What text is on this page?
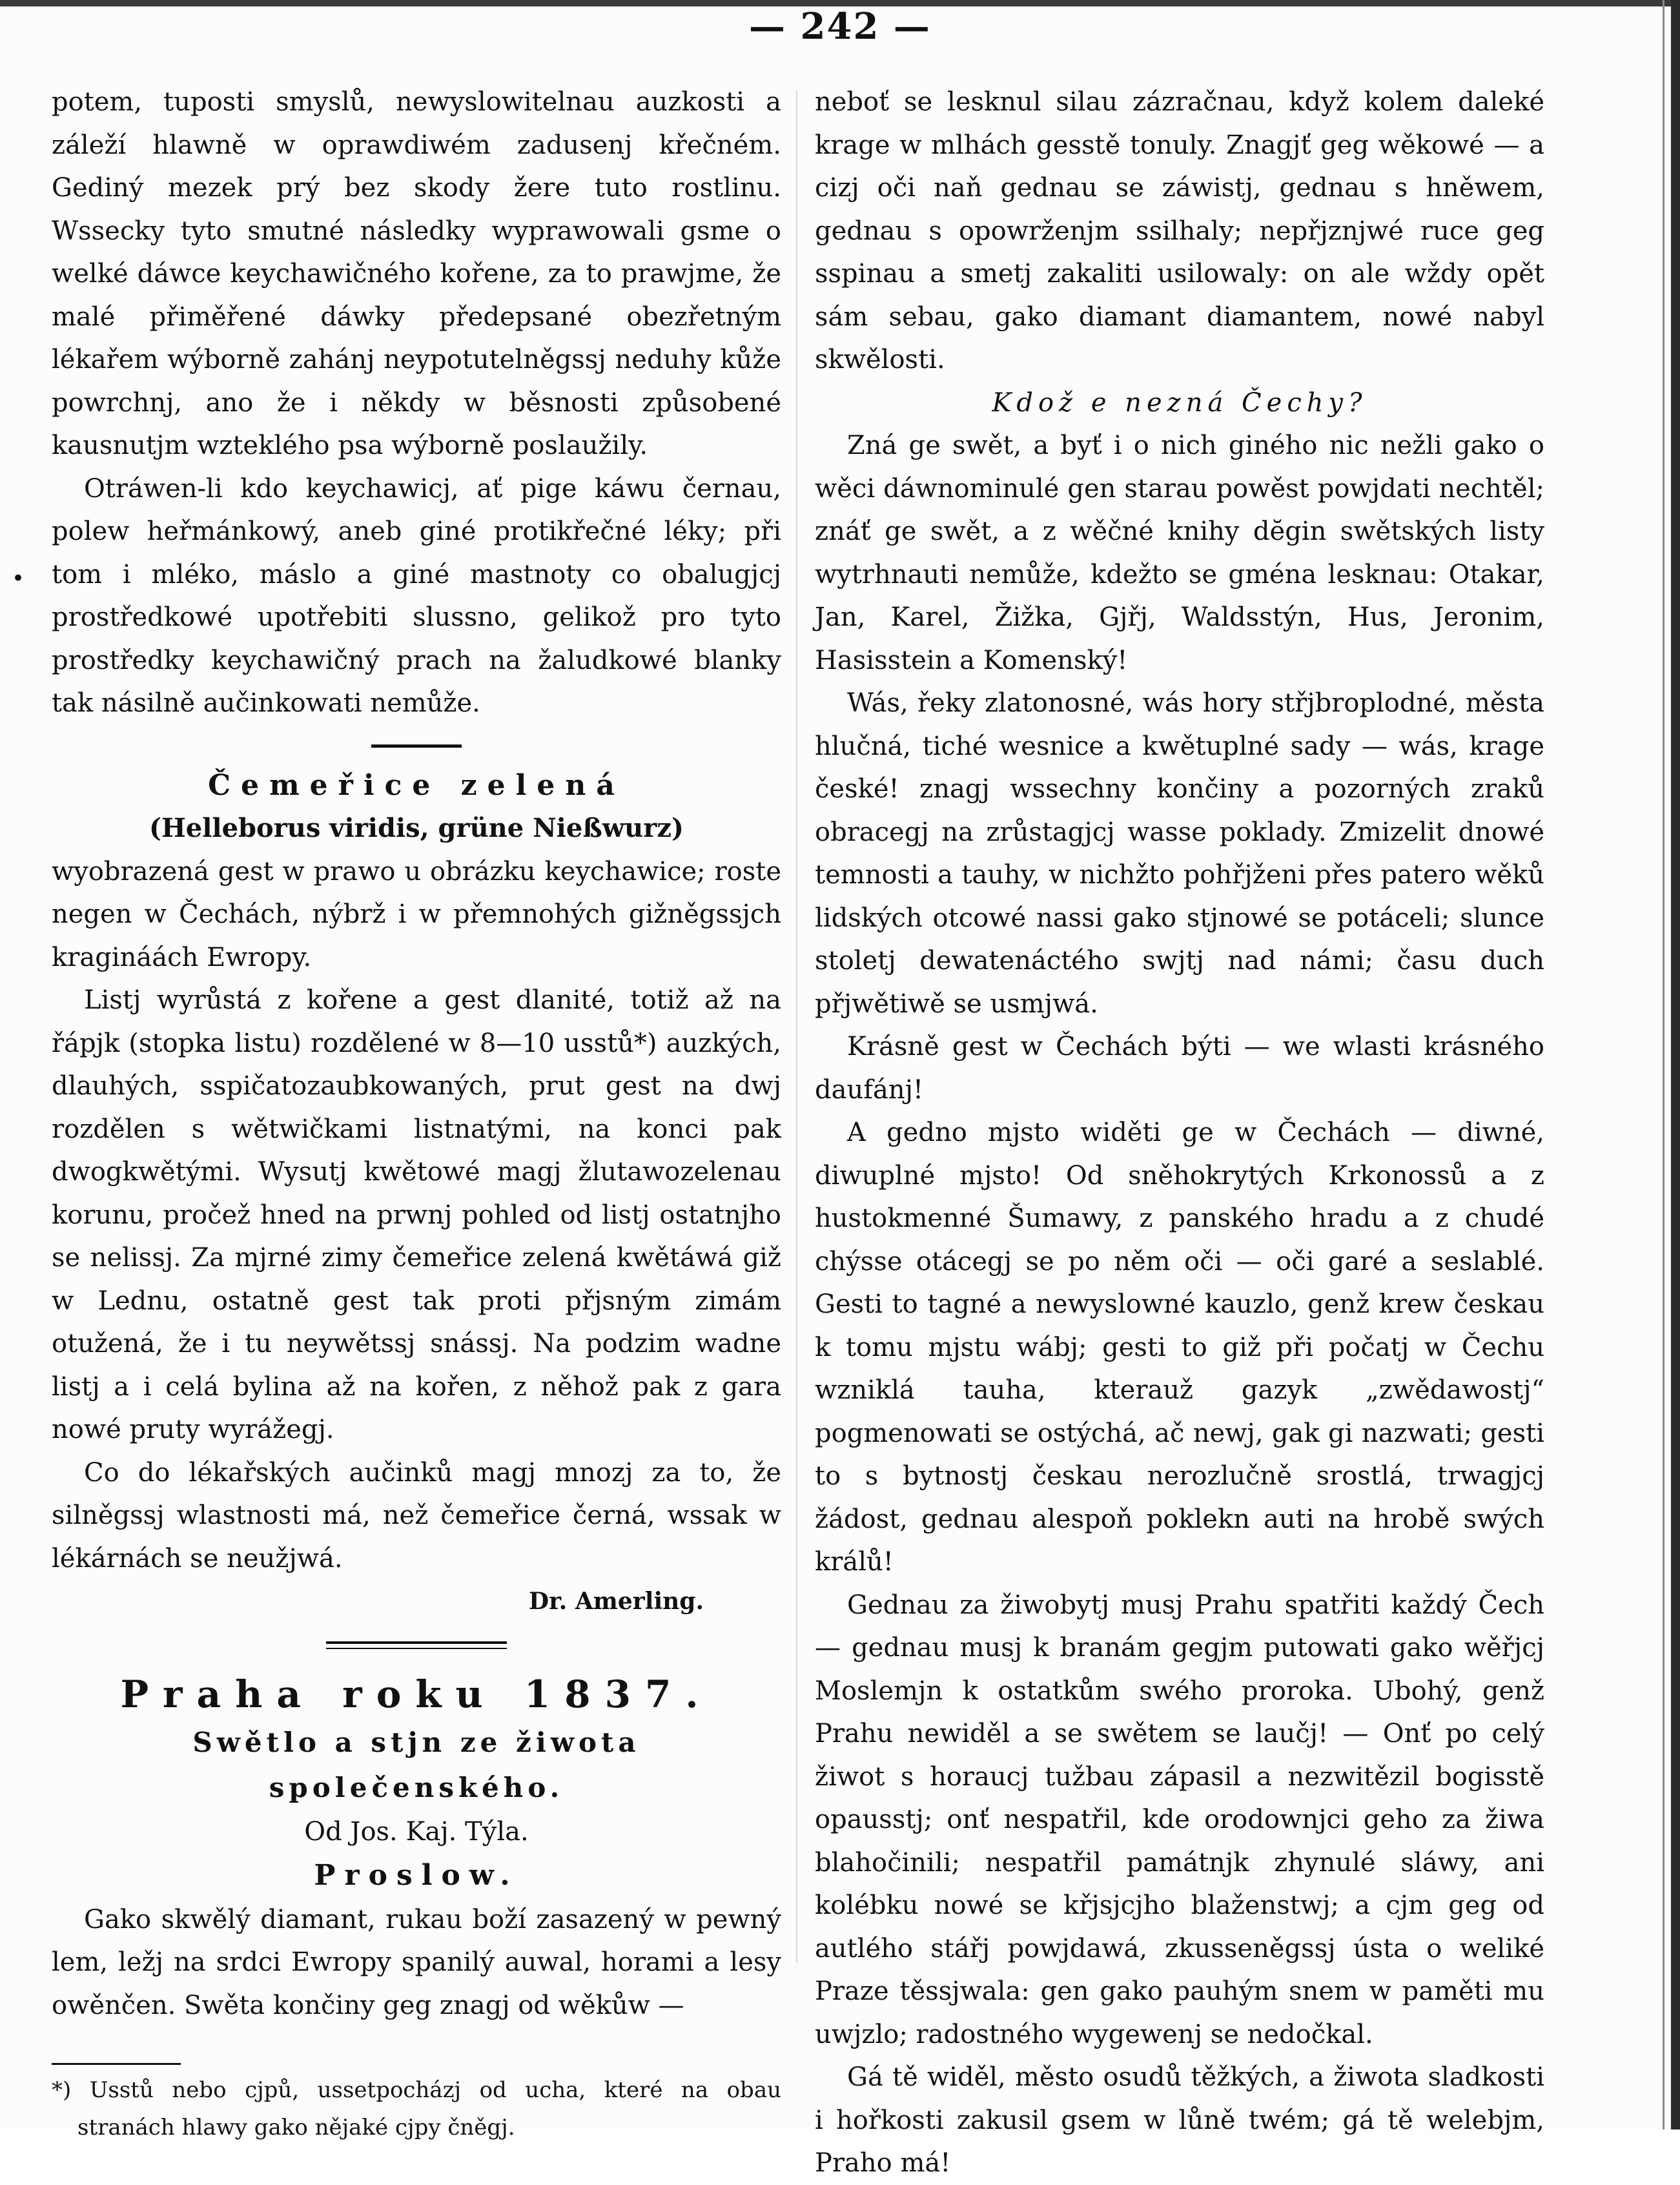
— 242 —
•

potem, tuposti smyslů, newyslowitelnau auzkosti a záleží hlawně w oprawdiwém zadusenj křečném. Gediný mezek prý bez skody žere tuto rostlinu. Wssecky tyto smutné následky wyprawowali gsme o welké dáwce keychawičného kořene, za to prawjme, že malé přiměřené dáwky předepsané obezřetným lékařem wýborně zahánj neypotutelněgssj neduhy kůže powrchnj, ano že i někdy w běsnosti způsobené kausnutjm wzteklého psa wýborně poslaužily.

Otráwen-li kdo keychawicj, ať pige káwu černau, polew heřmánkowý, aneb giné protikřečné léky; při tom i mléko, máslo a giné mastnoty co obalugjcj prostředkowé upotřebiti slussno, gelikož pro tyto prostředky keychawičný prach na žaludkowé blanky tak násilně aučinkowati nemůže.

Čemeřice zelená

(Helleborus viridis, grüne Nießwurz)

wyobrazená gest w prawo u obrázku keychawice; roste negen w Čechách, nýbrž i w přemnohých gižněgssjch kragináách Ewropy.

Listj wyrůstá z kořene a gest dlanité, totiž až na řápjk (stopka listu) rozdělené w 8—10 usstů*) auzkých, dlauhých, sspičatozaubkowaných, prut gest na dwj rozdělen s wětwičkami listnatými, na konci pak dwogkwětými. Wysutj kwětowé magj žlutawozelenau korunu, pročež hned na prwnj pohled od listj ostatnjho se nelissj. Za mjrné zimy čemeřice zelená kwětáwá giž w Lednu, ostatně gest tak proti přjsným zimám otužená, že i tu neywětssj snássj. Na podzim wadne listj a i celá bylina až na kořen, z něhož pak z gara nowé pruty wyrážegj.

Co do lékařských aučinků magj mnozj za to, že silněgssj wlastnosti má, než čemeřice černá, wssak w lékárnách se neužjwá.

Dr. Amerling.

Praha roku 1837.

Swětlo a stjn ze žiwota společenského.

Od Jos. Kaj. Týla.

Proslow.

Gako skwělý diamant, rukau boží zasazený w pewný lem, ležj na srdci Ewropy spanilý auwal, horami a lesy owěnčen. Swěta končiny geg znagj od wěkůw —

*) Usstů nebo cjpů, ussetpocházj od ucha, které na obau stranách hlawy gako nějaké cjpy čněgj.

neboť se lesknul silau zázračnau, když kolem daleké krage w mlhách gesstě tonuly. Znagjť geg wěkowé — a cizj oči naň gednau se záwistj, gednau s hněwem, gednau s opowrženjm ssilhaly; nepřjznjwé ruce geg sspinau a smetj zakaliti usilowaly: on ale wždy opět sám sebau, gako diamant diamantem, nowé nabyl skwělosti.

Kdož e nezná Čechy?

Zná ge swět, a byť i o nich giného nic nežli gako o wěci dáwnominulé gen starau powěst powjdati nechtěl; znáť ge swět, a z wěčné knihy dĕgin swětských listy wytrhnauti nemůže, kdežto se gména lesknau: Otakar, Jan, Karel, Žižka, Gjřj, Waldsstýn, Hus, Jeronim, Hasisstein a Komenský!

Wás, řeky zlatonosné, wás hory střjbroplodné, města hlučná, tiché wesnice a kwětuplné sady — wás, krage české! znagj wssechny končiny a pozorných zraků obracegj na zrůstagjcj wasse poklady. Zmizelit dnowé temnosti a tauhy, w nichžto pohřjženi přes patero wěků lidských otcowé nassi gako stjnowé se potáceli; slunce stoletj dewatenáctého swjtj nad námi; času duch přjwětiwě se usmjwá.

Krásně gest w Čechách býti — we wlasti krásného daufánj!

A gedno mjsto widěti ge w Čechách — diwné, diwuplné mjsto! Od sněhokrytých Krkonossů a z hustokmenné Šumawy, z panského hradu a z chudé chýsse otácegj se po něm oči — oči garé a seslablé. Gesti to tagné a newyslowné kauzlo, genž krew českau k tomu mjstu wábj; gesti to giž při počatj w Čechu wzniklá tauha, kterauž gazyk „zwědawostj“ pogmenowati se ostýchá, ač newj, gak gi nazwati; gesti to s bytnostj českau nerozlučně srostlá, trwagjcj žádost, gednau alespoň poklekn auti na hrobě swých králů!

Gednau za žiwobytj musj Prahu spatřiti každý Čech — gednau musj k branám gegjm putowati gako wěřjcj Moslemjn k ostatkům swého proroka. Ubohý, genž Prahu newiděl a se swětem se laučj! — Onť po celý žiwot s horaucj tužbau zápasil a nezwitězil bogisstě opausstj; onť nespatřil, kde orodownjci geho za žiwa blahočinili; nespatřil památnjk zhynulé sláwy, ani kolébku nowé se křjsjcjho blaženstwj; a cjm geg od autlého stářj powjdawá, zkusseněgssj ústa o weliké Praze těssjwala: gen gako pauhým snem w paměti mu uwjzlo; radostného wygewenj se nedočkal.

Gá tě widěl, město osudů těžkých, a žiwota sladkosti i hořkosti zakusil gsem w lůně twém; gá tě welebjm, Praho má!
